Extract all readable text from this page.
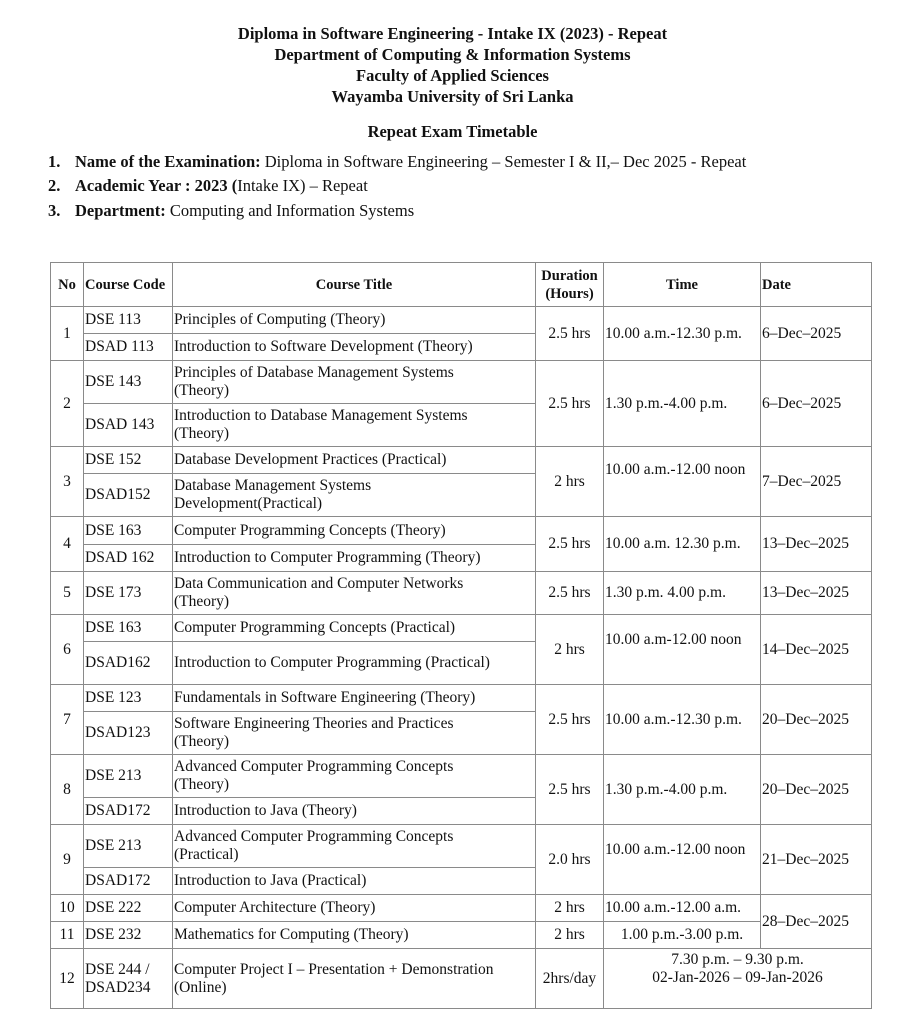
Diploma in Software Engineering - Intake IX (2023) - Repeat
Department of Computing & Information Systems
Faculty of Applied Sciences
Wayamba University of Sri Lanka
Repeat Exam Timetable
1. Name of the Examination: Diploma in Software Engineering – Semester I & II,– Dec 2025 - Repeat
2. Academic Year : 2023 (Intake IX) – Repeat
3. Department: Computing and Information Systems
No	Course Code	Course Title	Duration (Hours)	Time	Date
1	DSE 113	Principles of Computing (Theory)	2.5 hrs	10.00 a.m.-12.30 p.m.	6–Dec–2025
	DSAD 113	Introduction to Software Development (Theory)			
2	DSE 143	Principles of Database Management Systems (Theory)	2.5 hrs	1.30 p.m.-4.00 p.m.	6–Dec–2025
	DSAD 143	Introduction to Database Management Systems (Theory)			
3	DSE 152	Database Development Practices (Practical)	2 hrs	10.00 a.m.-12.00 noon	7–Dec–2025
	DSAD152	Database Management Systems Development(Practical)			
4	DSE 163	Computer Programming Concepts (Theory)	2.5 hrs	10.00 a.m. 12.30 p.m.	13–Dec–2025
	DSAD 162	Introduction to Computer Programming (Theory)			
5	DSE 173	Data Communication and Computer Networks (Theory)	2.5 hrs	1.30 p.m. 4.00 p.m.	13–Dec–2025
6	DSE 163	Computer Programming Concepts (Practical)	2 hrs	10.00 a.m-12.00 noon	14–Dec–2025
	DSAD162	Introduction to Computer Programming (Practical)			
7	DSE 123	Fundamentals in Software Engineering (Theory)	2.5 hrs	10.00 a.m.-12.30 p.m.	20–Dec–2025
	DSAD123	Software Engineering Theories and Practices (Theory)			
8	DSE 213	Advanced Computer Programming Concepts (Theory)	2.5 hrs	1.30 p.m.-4.00 p.m.	20–Dec–2025
	DSAD172	Introduction to Java (Theory)			
9	DSE 213	Advanced Computer Programming Concepts (Practical)	2.0 hrs	10.00 a.m.-12.00 noon	21–Dec–2025
	DSAD172	Introduction to Java (Practical)			
10	DSE 222	Computer Architecture (Theory)	2 hrs	10.00 a.m.-12.00 a.m.	28–Dec–2025
11	DSE 232	Mathematics for Computing (Theory)	2 hrs	1.00 p.m.-3.00 p.m.	
12	DSE 244 / DSAD234	Computer Project I – Presentation + Demonstration (Online)	2hrs/day	7.30 p.m. – 9.30 p.m.
02-Jan-2026 – 09-Jan-2026	
